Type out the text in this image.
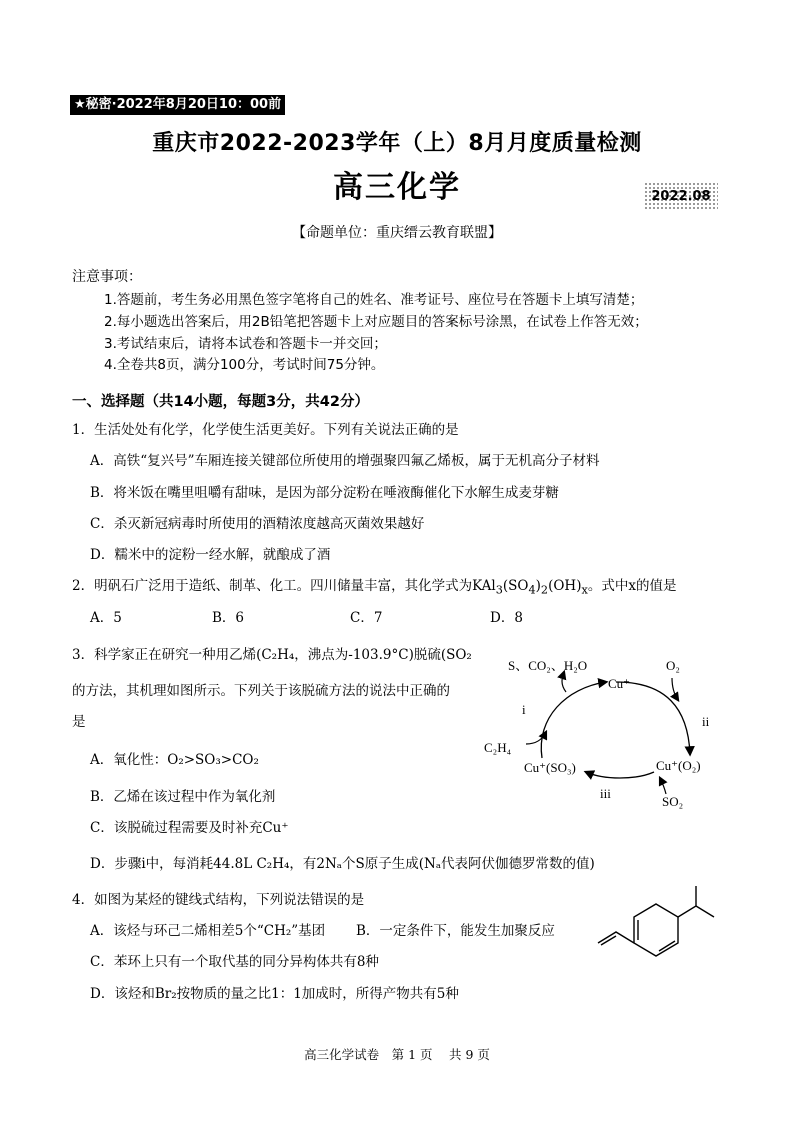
★秘密·2022年8月20日10：00前
重庆市2022-2023学年（上）8月月度质量检测
高三化学	2022.08
【命题单位：重庆缙云教育联盟】
注意事项：
1.答题前，考生务必用黑色签字笔将自己的姓名、准考证号、座位号在答题卡上填写清楚；
2.每小题选出答案后，用2B铅笔把答题卡上对应题目的答案标号涂黑，在试卷上作答无效；
3.考试结束后，请将本试卷和答题卡一并交回；
4.全卷共8页，满分100分，考试时间75分钟。
一、选择题（共14小题，每题3分，共42分）
1．生活处处有化学，化学使生活更美好。下列有关说法正确的是
A．高铁“复兴号”车厢连接关键部位所使用的增强聚四氟乙烯板，属于无机高分子材料
B．将米饭在嘴里咀嚼有甜味，是因为部分淀粉在唾液酶催化下水解生成麦芽糖
C．杀灭新冠病毒时所使用的酒精浓度越高灭菌效果越好
D．糯米中的淀粉一经水解，就酿成了酒
2．明矾石广泛用于造纸、制革、化工。四川储量丰富，其化学式为$KAl_3(SO_4)_2(OH)_x$。式中x的值是
A．5	B．6	C．7	D．8
3．科学家正在研究一种用乙烯(C₂H₄，沸点为-103.9°C)脱硫(SO₂
的方法，其机理如图所示。下列关于该脱硫方法的说法中正确的
是
A．氧化性：O₂>SO₃>CO₂
B．乙烯在该过程中作为氧化剂
C．该脱硫过程需要及时补充Cu⁺
D．步骤i中，每消耗44.8L C₂H₄，有2Nₐ个S原子生成(Nₐ代表阿伏伽德罗常数的值)
S、CO₂、H₂O	O₂
Cu⁺
i
ii
C₂H₄
Cu⁺(SO₃)	Cu⁺(O₂)
iii
SO₂
4．如图为某烃的键线式结构，下列说法错误的是
A．该烃与环己二烯相差5个“CH₂”基团 B．一定条件下，能发生加聚反应
C．苯环上只有一个取代基的同分异构体共有8种
D．该烃和Br₂按物质的量之比1：1加成时，所得产物共有5种
高三化学试卷　第 1 页　 共 9 页
